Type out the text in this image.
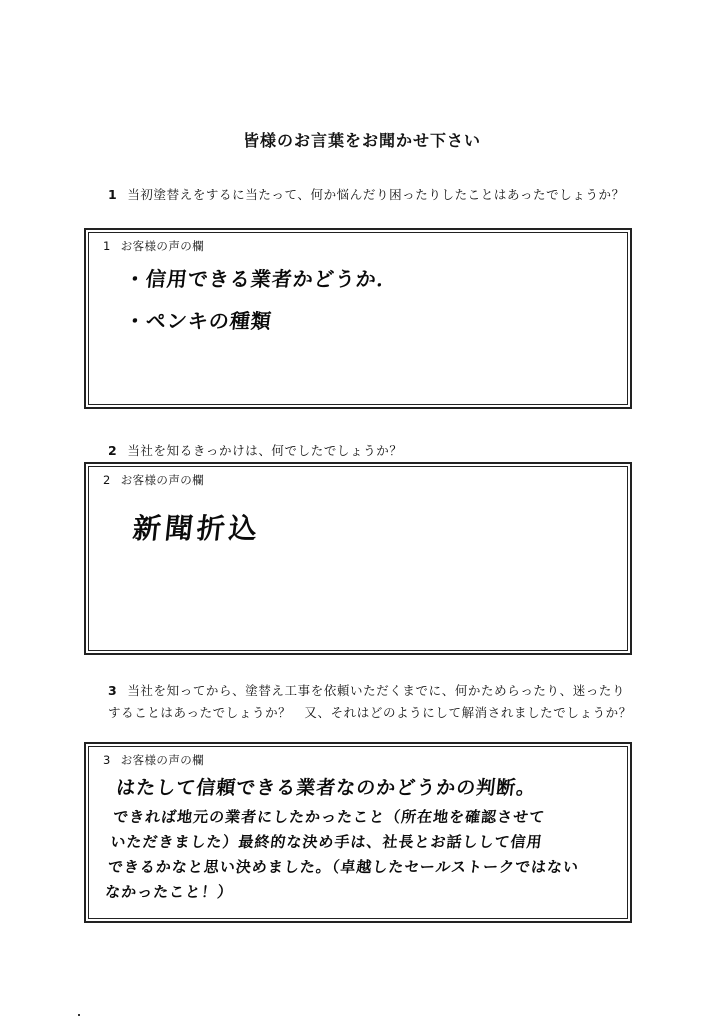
皆様のお言葉をお聞かせ下さい
1 当初塗替えをするに当たって、何か悩んだり困ったりしたことはあったでしょうか？
1 お客様の声の欄
・信用できる業者かどうか．
・ペンキの種類
2 当社を知るきっかけは、何でしたでしょうか？
2 お客様の声の欄
新聞折込
3 当社を知ってから、塗替え工事を依頼いただくまでに、何かためらったり、迷ったりすることはあったでしょうか？　又、それはどのようにして解消されましたでしょうか？
3 お客様の声の欄
はたして信頼できる業者なのかどうかの判断。
できれば地元の業者にしたかったこと（所在地を確認させて
いただきました）最終的な決め手は、社長とお話しして信用
できるかなと思い決めました。（卓越したセールストークではない
なかったこと！）
